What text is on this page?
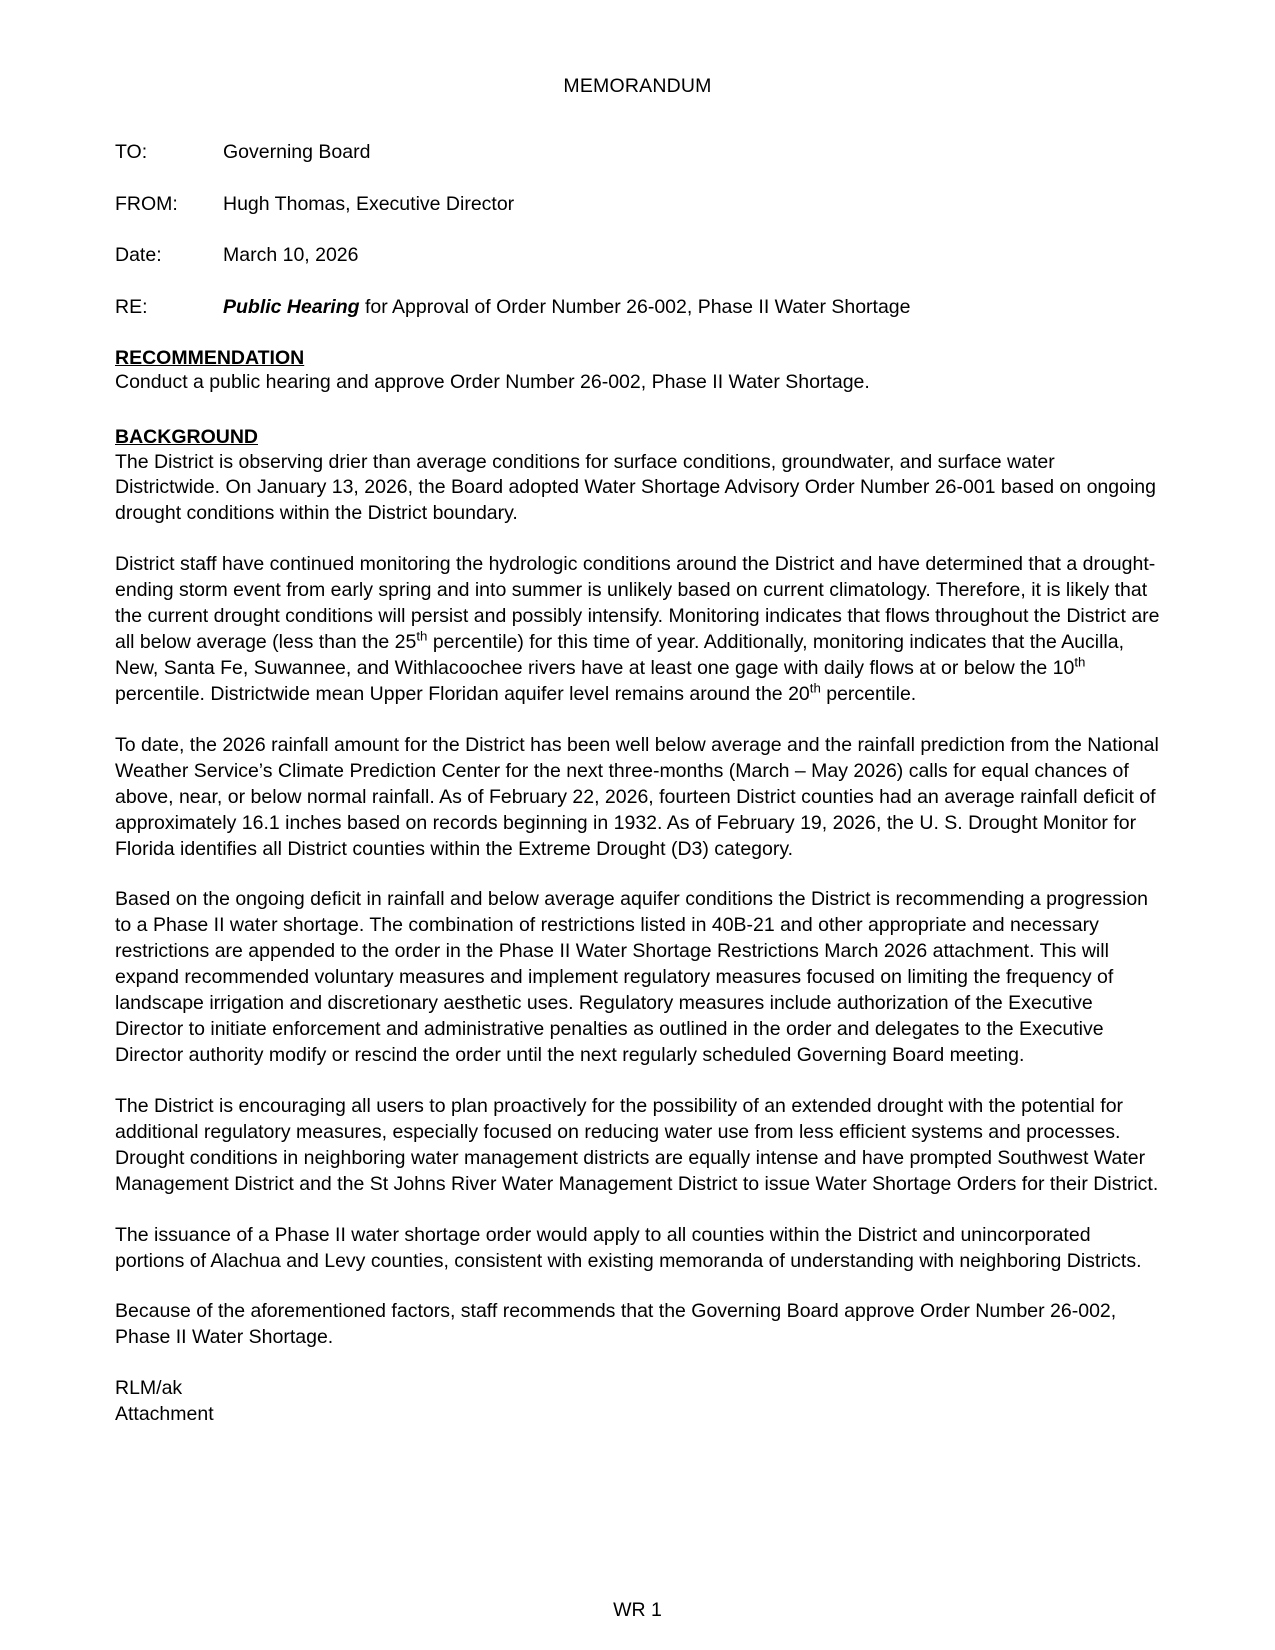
MEMORANDUM
TO:	Governing Board
FROM:	Hugh Thomas, Executive Director
Date:	March 10, 2026
RE:	Public Hearing for Approval of Order Number 26-002, Phase II Water Shortage
RECOMMENDATION

Conduct a public hearing and approve Order Number 26-002, Phase II Water Shortage.

BACKGROUND

The District is observing drier than average conditions for surface conditions, groundwater, and surface water Districtwide. On January 13, 2026, the Board adopted Water Shortage Advisory Order Number 26-001 based on ongoing drought conditions within the District boundary.

District staff have continued monitoring the hydrologic conditions around the District and have determined that a drought-ending storm event from early spring and into summer is unlikely based on current climatology. Therefore, it is likely that the current drought conditions will persist and possibly intensify. Monitoring indicates that flows throughout the District are all below average (less than the 25th percentile) for this time of year. Additionally, monitoring indicates that the Aucilla, New, Santa Fe, Suwannee, and Withlacoochee rivers have at least one gage with daily flows at or below the 10th percentile. Districtwide mean Upper Floridan aquifer level remains around the 20th percentile.

To date, the 2026 rainfall amount for the District has been well below average and the rainfall prediction from the National Weather Service’s Climate Prediction Center for the next three-months (March – May 2026) calls for equal chances of above, near, or below normal rainfall. As of February 22, 2026, fourteen District counties had an average rainfall deficit of approximately 16.1 inches based on records beginning in 1932. As of February 19, 2026, the U. S. Drought Monitor for Florida identifies all District counties within the Extreme Drought (D3) category.

Based on the ongoing deficit in rainfall and below average aquifer conditions the District is recommending a progression to a Phase II water shortage. The combination of restrictions listed in 40B-21 and other appropriate and necessary restrictions are appended to the order in the Phase II Water Shortage Restrictions March 2026 attachment. This will expand recommended voluntary measures and implement regulatory measures focused on limiting the frequency of landscape irrigation and discretionary aesthetic uses. Regulatory measures include authorization of the Executive Director to initiate enforcement and administrative penalties as outlined in the order and delegates to the Executive Director authority modify or rescind the order until the next regularly scheduled Governing Board meeting.

The District is encouraging all users to plan proactively for the possibility of an extended drought with the potential for additional regulatory measures, especially focused on reducing water use from less efficient systems and processes. Drought conditions in neighboring water management districts are equally intense and have prompted Southwest Water Management District and the St Johns River Water Management District to issue Water Shortage Orders for their District.

The issuance of a Phase II water shortage order would apply to all counties within the District and unincorporated portions of Alachua and Levy counties, consistent with existing memoranda of understanding with neighboring Districts.

Because of the aforementioned factors, staff recommends that the Governing Board approve Order Number 26-002, Phase II Water Shortage.

RLM/ak
Attachment
WR 1
